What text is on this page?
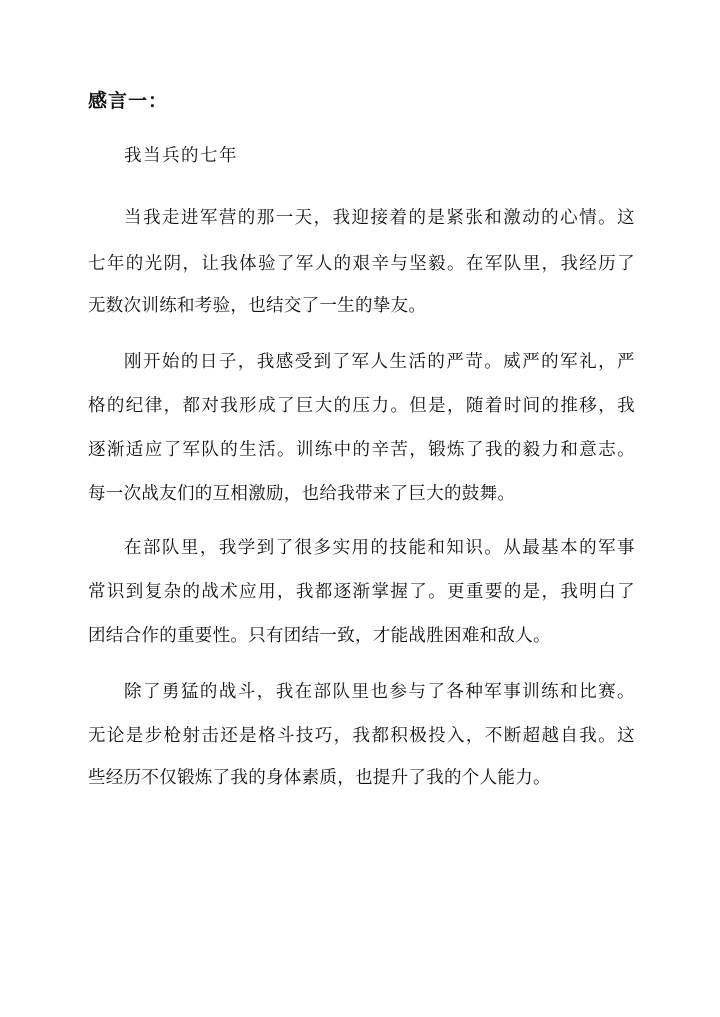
感言一：
我当兵的七年
当我走进军营的那一天，我迎接着的是紧张和激动的心情。这
七年的光阴，让我体验了军人的艰辛与坚毅。在军队里，我经历了
无数次训练和考验，也结交了一生的挚友。
刚开始的日子，我感受到了军人生活的严苛。威严的军礼，严
格的纪律，都对我形成了巨大的压力。但是，随着时间的推移，我
逐渐适应了军队的生活。训练中的辛苦，锻炼了我的毅力和意志。
每一次战友们的互相激励，也给我带来了巨大的鼓舞。
在部队里，我学到了很多实用的技能和知识。从最基本的军事
常识到复杂的战术应用，我都逐渐掌握了。更重要的是，我明白了
团结合作的重要性。只有团结一致，才能战胜困难和敌人。
除了勇猛的战斗，我在部队里也参与了各种军事训练和比赛。
无论是步枪射击还是格斗技巧，我都积极投入，不断超越自我。这
些经历不仅锻炼了我的身体素质，也提升了我的个人能力。
